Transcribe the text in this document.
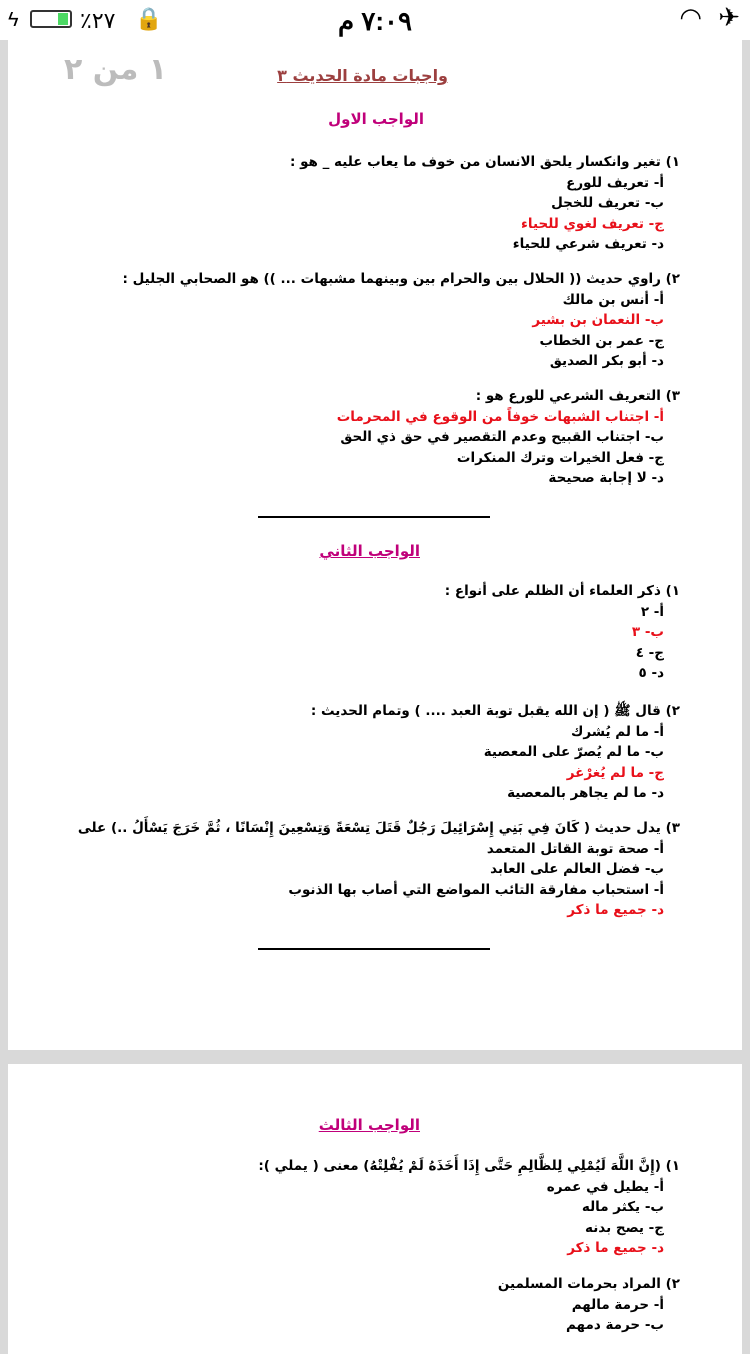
ϟ	٪٢٧ 🔒	٧:٠٩ م	◠ ✈
١ من ٢	واجبات مادة الحديث ٣
الواجب الاول
١) تغير وانكسار يلحق الانسان من خوف ما يعاب عليه _ هو :
أ- تعريف للورع
ب- تعريف للخجل
ج- تعريف لغوي للحياء
د- تعريف شرعي للحياء
٢) راوي حديث (( الحلال بين والحرام بين وبينهما مشبهات ... )) هو الصحابي الجليل :
أ- أنس بن مالك
ب- النعمان بن بشير
ج- عمر بن الخطاب
د- أبو بكر الصديق
٣) التعريف الشرعي للورع هو :
أ- اجتناب الشبهات خوفاً من الوقوع في المحرمات
ب- اجتناب القبيح وعدم التقصير في حق ذي الحق
ج- فعل الخيرات وترك المنكرات
د- لا إجابة صحيحة
الواجب الثاني
١) ذكر العلماء أن الظلم على أنواع :
أ- ٢
ب- ٣
ج- ٤
د- ٥
٢) قال ﷺ ( إن الله يقبل توبة العبد .... ) وتمام الحديث :
أ- ما لم يُشرك
ب- ما لم يُصرّ على المعصية
ج- ما لم يُغرْغر
د- ما لم يجاهر بالمعصية
٣) يدل حديث ( كَانَ فِي بَنِي إِسْرَائِيلَ رَجُلٌ قَتَلَ تِسْعَةً وَتِسْعِينَ إِنْسَانًا ، ثُمَّ خَرَجَ يَسْأَلُ ..) على
أ- صحة توبة القاتل المتعمد
ب- فضل العالم على العابد
أ- استحباب مفارقة التائب المواضع التي أصاب بها الذنوب
د- جميع ما ذكر
الواجب الثالث
١) (إِنَّ اللَّهَ لَيُمْلِي لِلظَّالِمِ حَتَّى إِذَا أَخَذَهُ لَمْ يُفْلِتْهُ) معنى ( يملي ):
أ- يطيل في عمره
ب- يكثر ماله
ج- يصح بدنه
د- جميع ما ذكر
٢) المراد بحرمات المسلمين
أ- حرمة مالهم
ب- حرمة دمهم
